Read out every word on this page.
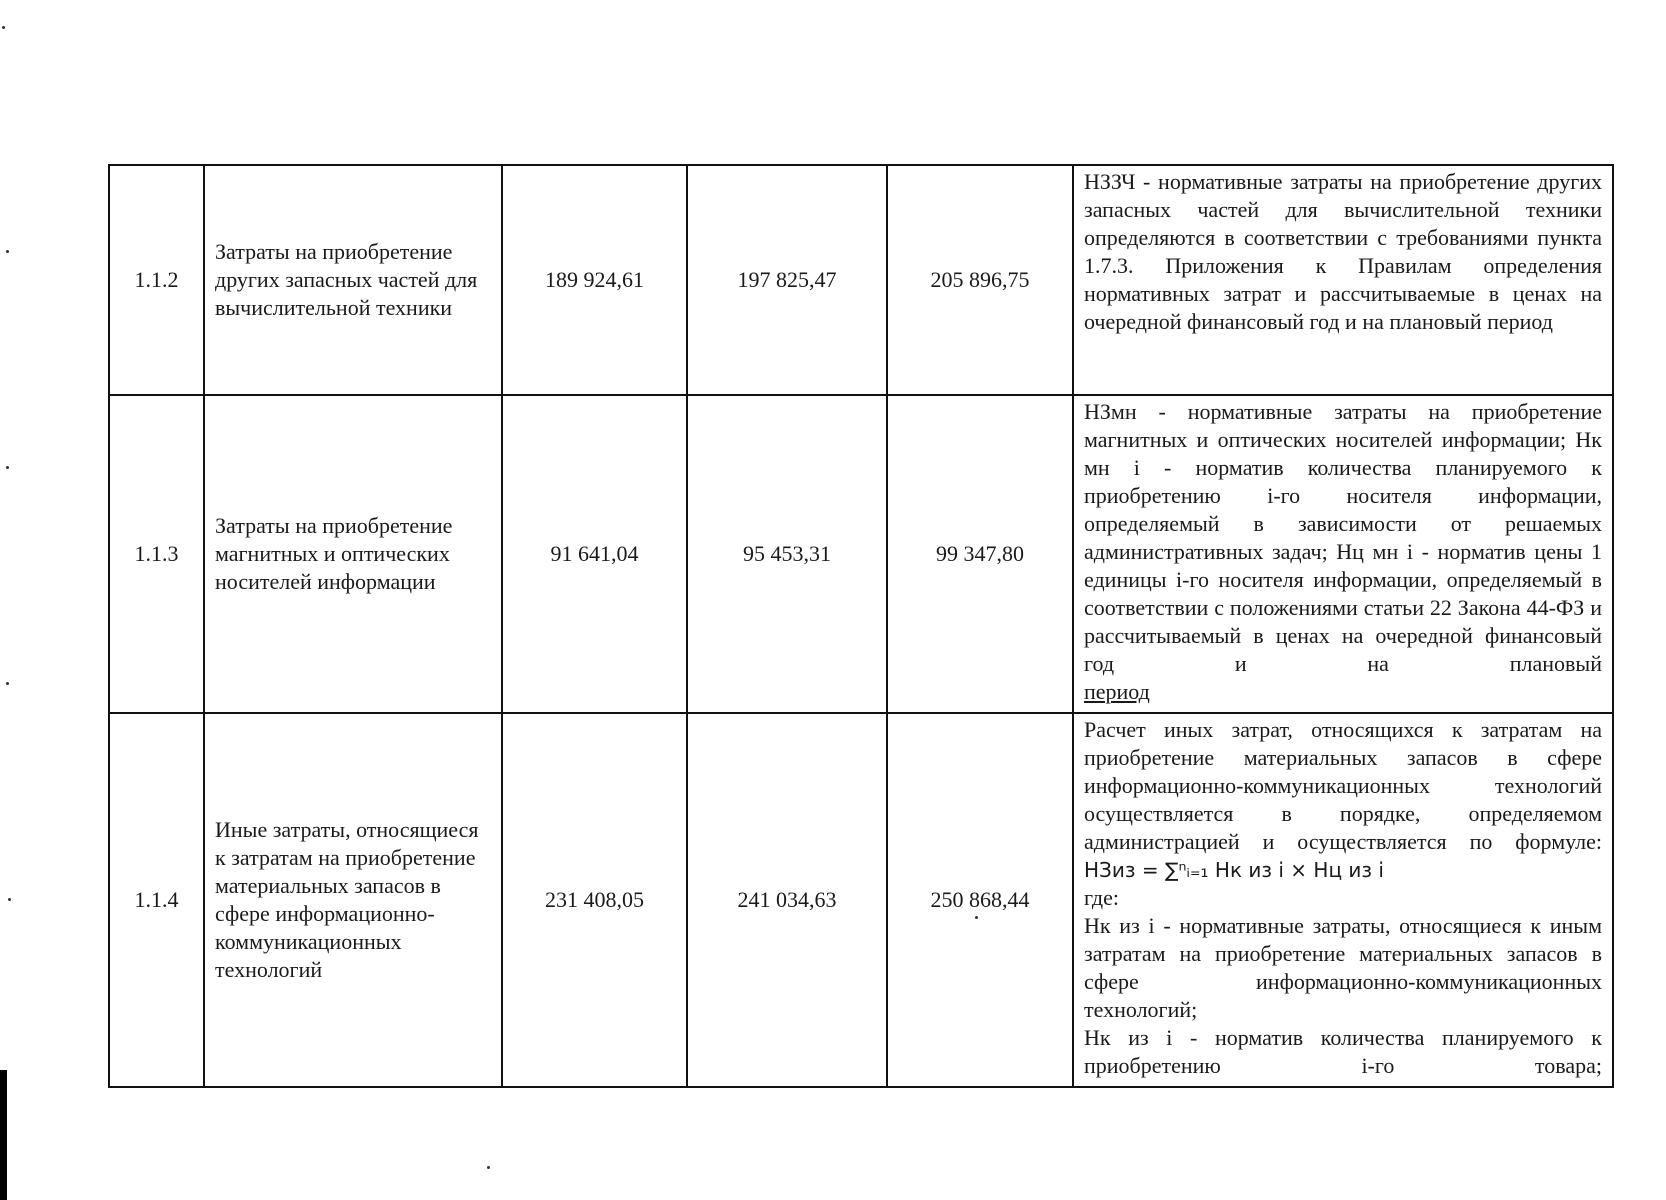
1.1.2	Затраты на приобретение других запасных частей для вычислительной техники	189 924,61	197 825,47	205 896,75	НЗЗЧ - нормативные затраты на приобретение других запасных частей для вычислительной техники определяются в соответствии с требованиями пункта 1.7.3. Приложения к Правилам определения нормативных затрат и рассчитываемые в ценах на очередной финансовый год и на плановый период

1.1.3	Затраты на приобретение магнитных и оптических носителей информации	91 641,04	95 453,31	99 347,80	НЗмн - нормативные затраты на приобретение магнитных и оптических носителей информации; Нк мн i - норматив количества планируемого к приобретению i-го носителя информации, определяемый в зависимости от решаемых административных задач; Нц мн i - норматив цены 1 единицы i-го носителя информации, определяемый в соответствии с положениями статьи 22 Закона 44-ФЗ и рассчитываемый в ценах на очередной финансовый год и на плановый

период

1.1.4	Иные затраты, относящиеся к затратам на приобретение материальных запасов в сфере информационно-коммуникационных технологий	231 408,05	241 034,63	250 868,44	Расчет иных затрат, относящихся к затратам на приобретение материальных запасов в сфере информационно-коммуникационных технологий осуществляется в порядке, определяемом администрацией и осуществляется по формуле:

НЗиз = ∑ⁿᵢ₌₁ Нк из i × Нц из i

где:

Нк из i - нормативные затраты, относящиеся к иным затратам на приобретение материальных запасов в сфере информационно-коммуникационных технологий;

Нк из i - норматив количества планируемого к приобретению i-го товара;
